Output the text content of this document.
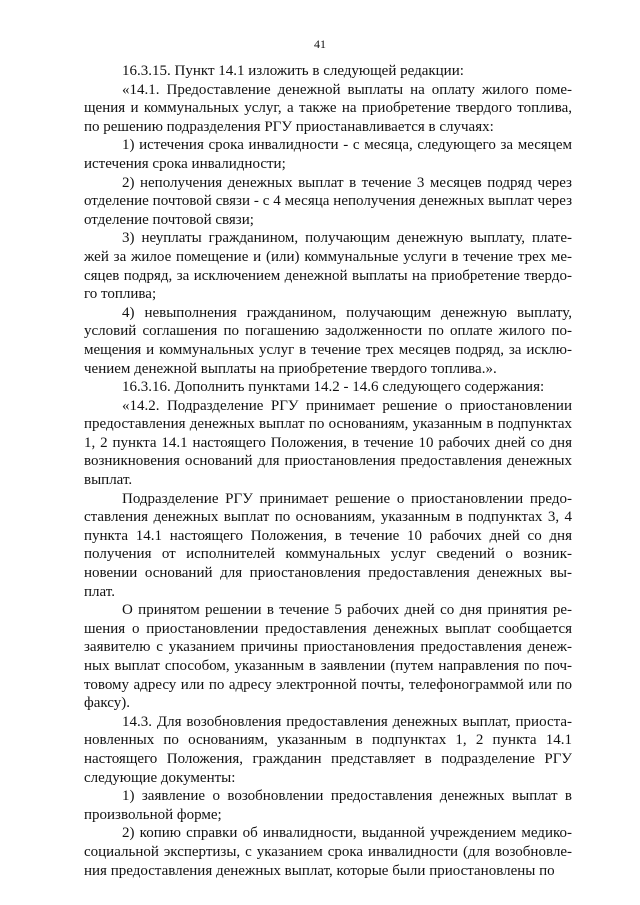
41

16.3.15. Пункт 14.1 изложить в следующей редакции:

«14.1. Предоставление денежной выплаты на оплату жилого помещения и коммунальных услуг, а также на приобретение твердого топлива, по решению подразделения РГУ приостанавливается в случаях:

1) истечения срока инвалидности - с месяца, следующего за месяцем истечения срока инвалидности;

2) неполучения денежных выплат в течение 3 месяцев подряд через отделение почтовой связи - с 4 месяца неполучения денежных выплат через отделение почтовой связи;

3) неуплаты гражданином, получающим денежную выплату, платежей за жилое помещение и (или) коммунальные услуги в течение трех месяцев подряд, за исключением денежной выплаты на приобретение твердого топлива;

4) невыполнения гражданином, получающим денежную выплату, условий соглашения по погашению задолженности по оплате жилого помещения и коммунальных услуг в течение трех месяцев подряд, за исключением денежной выплаты на приобретение твердого топлива.».

16.3.16. Дополнить пунктами 14.2 - 14.6 следующего содержания:

«14.2. Подразделение РГУ принимает решение о приостановлении предоставления денежных выплат по основаниям, указанным в подпунктах 1, 2 пункта 14.1 настоящего Положения, в течение 10 рабочих дней со дня возникновения оснований для приостановления предоставления денежных выплат.

Подразделение РГУ принимает решение о приостановлении предоставления денежных выплат по основаниям, указанным в подпунктах 3, 4 пункта 14.1 настоящего Положения, в течение 10 рабочих дней со дня получения от исполнителей коммунальных услуг сведений о возникновении оснований для приостановления предоставления денежных выплат.

О принятом решении в течение 5 рабочих дней со дня принятия решения о приостановлении предоставления денежных выплат сообщается заявителю с указанием причины приостановления предоставления денежных выплат способом, указанным в заявлении (путем направления по почтовому адресу или по адресу электронной почты, телефонограммой или по факсу).

14.3. Для возобновления предоставления денежных выплат, приостановленных по основаниям, указанным в подпунктах 1, 2 пункта 14.1 настоящего Положения, гражданин представляет в подразделение РГУ следующие документы:

1) заявление о возобновлении предоставления денежных выплат в произвольной форме;

2) копию справки об инвалидности, выданной учреждением медико-социальной экспертизы, с указанием срока инвалидности (для возобновления предоставления денежных выплат, которые были приостановлены по
